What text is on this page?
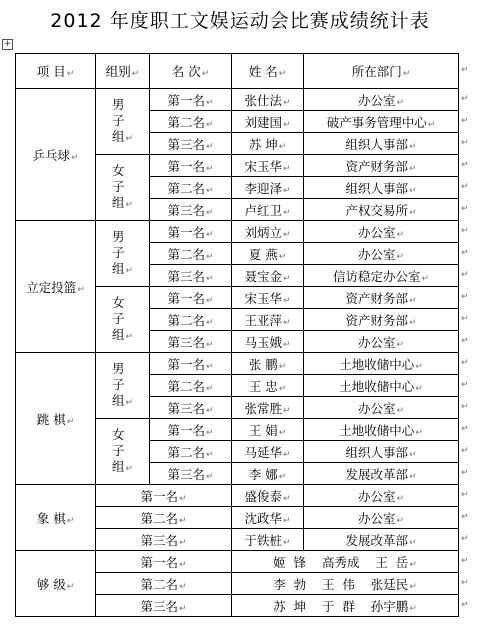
2012 年度职工文娱运动会比赛成绩统计表
+
项 目↵	组别↵	名 次↵	姓 名↵	所在部门↵
乒乓球↵	男子组↵	第一名↵	张仕法↵	办公室↵
		第二名↵	刘建国↵	破产事务管理中心↵
		第三名↵	苏 坤↵	组织人事部↵
	女子组↵	第一名↵	宋玉华↵	资产财务部↵
		第二名↵	李迎泽↵	组织人事部↵
		第三名↵	卢红卫↵	产权交易所↵
立定投篮↵	男子组↵	第一名↵	刘炳立↵	办公室↵
		第二名↵	夏 燕↵	办公室↵
		第三名↵	聂宝金↵	信访稳定办公室↵
	女子组↵	第一名↵	宋玉华↵	资产财务部↵
		第二名↵	王亚萍↵	资产财务部↵
		第三名↵	马玉娥↵	办公室↵
跳 棋↵	男子组↵	第一名↵	张 鹏↵	土地收储中心↵
		第二名↵	王 忠↵	土地收储中心↵
		第三名↵	张常胜↵	办公室↵
	女子组↵	第一名↵	王 娟↵	土地收储中心↵
		第二名↵	马延华↵	组织人事部↵
		第三名↵	李 娜↵	发展改革部↵
象 棋↵	第一名↵		盛俊泰↵	办公室↵
	第二名↵		沈政华↵	办公室↵
	第三名↵		于铁桩↵	发展改革部↵
够 级↵	第一名↵		姬  锋    高秀成    王  岳↵	
	第二名↵		李  勃    王  伟    张廷民↵	
	第三名↵		苏  坤    于  群    孙宇鹏↵	
↵
↵
↵
↵
↵
↵
↵
↵
↵
↵
↵
↵
↵
↵
↵
↵
↵
↵
↵
↵
↵
↵
↵
↵
↵
